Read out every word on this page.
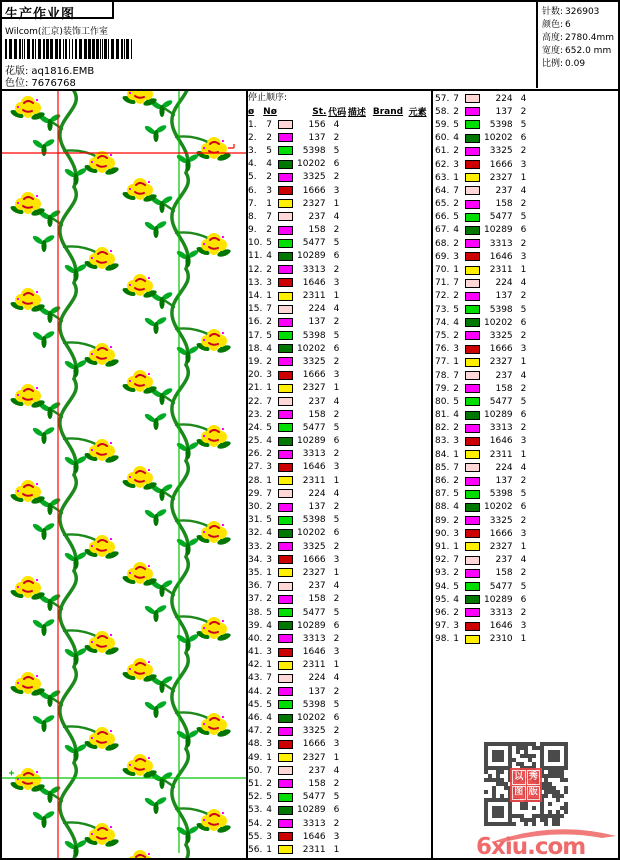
生产作业图
Wilcom(汇京)装饰工作室
花版: aq1816.EMB
色位: 7676768
针数: 326903
颜色: 6
高度: 2780.4mm
宽度: 652.0 mm
比例: 0.09
停止顺序:
ø Nø	St. 代码 描述 Brand 元素
1.	7	156 4
2.	2	137 2
3.	5	5398 5
4.	4	10202 6
5.	2	3325 2
6.	3	1666 3
7.	1	2327 1
8.	7	237 4
9.	2	158 2
10. 5	5477 5
11. 4	10289 6
12. 2	3313 2
13. 3	1646 3
14. 1	2311 1
15. 7	224 4
16. 2	137 2
17. 5	5398 5
18. 4	10202 6
19. 2	3325 2
20. 3	1666 3
21. 1	2327 1
22. 7	237 4
23. 2	158 2
24. 5	5477 5
25. 4	10289 6
26. 2	3313 2
27. 3	1646 3
28. 1	2311 1
29. 7	224 4
30. 2	137 2
31. 5	5398 5
32. 4	10202 6
33. 2	3325 2
34. 3	1666 3
35. 1	2327 1
36. 7	237 4
37. 2	158 2
38. 5	5477 5
39. 4	10289 6
40. 2	3313 2
41. 3	1646 3
42. 1	2311 1
43. 7	224 4
44. 2	137 2
45. 5	5398 5
46. 4	10202 6
47. 2	3325 2
48. 3	1666 3
49. 1	2327 1
50. 7	237 4
51. 2	158 2
52. 5	5477 5
53. 4	10289 6
54. 2	3313 2
55. 3	1646 3
56. 1	2311 1
57. 7	224 4
58. 2	137 2
59. 5	5398 5
60. 4	10202 6
61. 2	3325 2
62. 3	1666 3
63. 1	2327 1
64. 7	237 4
65. 2	158 2
66. 5	5477 5
67. 4	10289 6
68. 2	3313 2
69. 3	1646 3
70. 1	2311 1
71. 7	224 4
72. 2	137 2
73. 5	5398 5
74. 4	10202 6
75. 2	3325 2
76. 3	1666 3
77. 1	2327 1
78. 7	237 4
79. 2	158 2
80. 5	5477 5
81. 4	10289 6
82. 2	3313 2
83. 3	1646 3
84. 1	2311 1
85. 7	224 4
86. 2	137 2
87. 5	5398 5
88. 4	10202 6
89. 2	3325 2
90. 3	1666 3
91. 1	2327 1
92. 7	237 4
93. 2	158 2
94. 5	5477 5
95. 4	10289 6
96. 2	3313 2
97. 3	1646 3
98. 1	2310 1
以 秀
图 版
6xiu.com
